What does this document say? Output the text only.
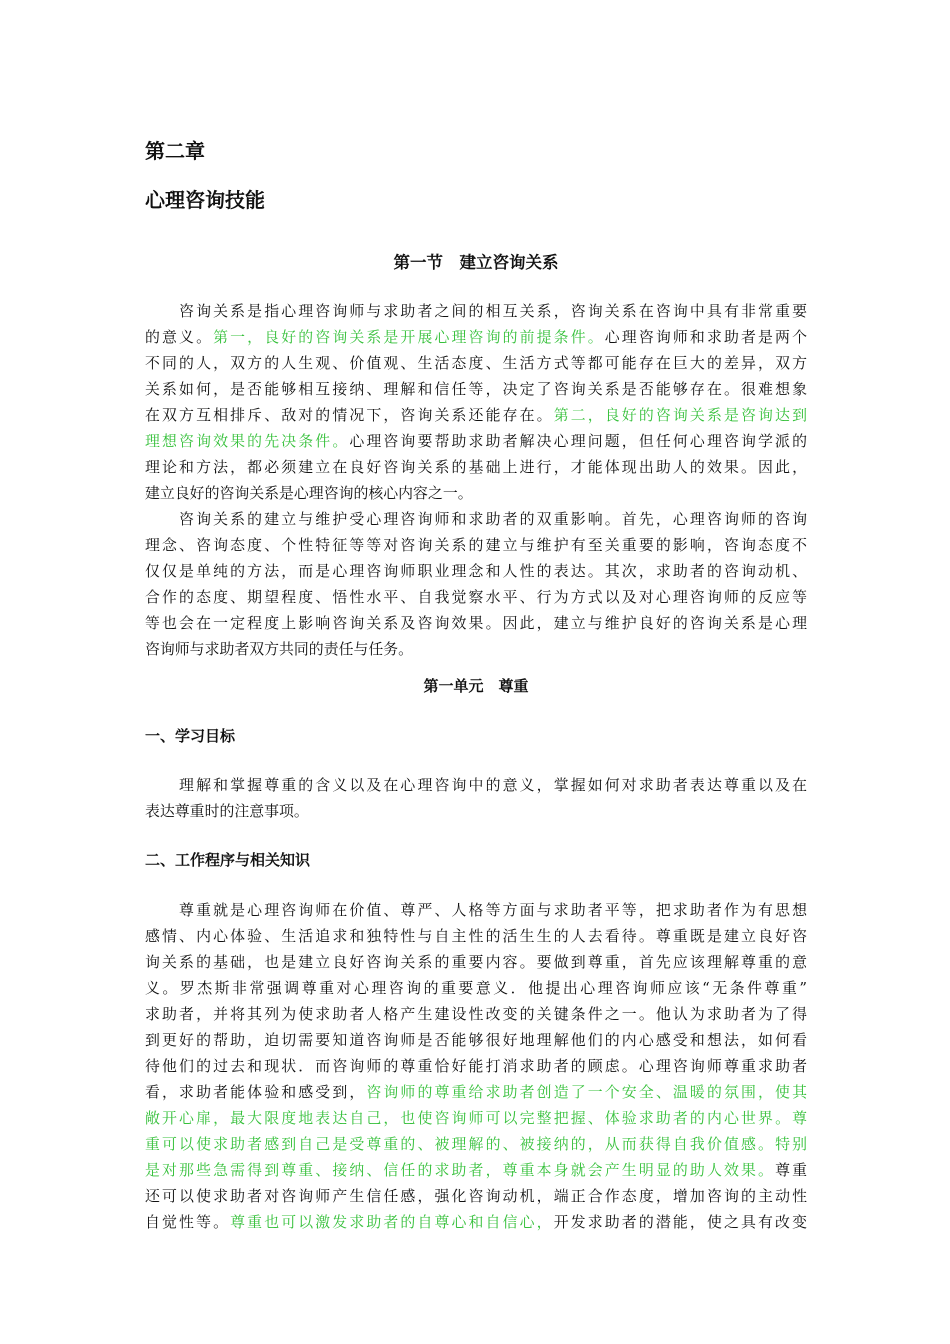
第二章
心理咨询技能
第一节　建立咨询关系
　　咨询关系是指心理咨询师与求助者之间的相互关系，咨询关系在咨询中具有非常重要
的意义。第一，良好的咨询关系是开展心理咨询的前提条件。心理咨询师和求助者是两个
不同的人，双方的人生观、价值观、生活态度、生活方式等都可能存在巨大的差异，双方
关系如何，是否能够相互接纳、理解和信任等，决定了咨询关系是否能够存在。很难想象
在双方互相排斥、敌对的情况下，咨询关系还能存在。第二，良好的咨询关系是咨询达到
理想咨询效果的先决条件。心理咨询要帮助求助者解决心理问题，但任何心理咨询学派的
理论和方法，都必须建立在良好咨询关系的基础上进行，才能体现出助人的效果。因此，
建立良好的咨询关系是心理咨询的核心内容之一。
　　咨询关系的建立与维护受心理咨询师和求助者的双重影响。首先，心理咨询师的咨询
理念、咨询态度、个性特征等等对咨询关系的建立与维护有至关重要的影响，咨询态度不
仅仅是单纯的方法，而是心理咨询师职业理念和人性的表达。其次，求助者的咨询动机、
合作的态度、期望程度、悟性水平、自我觉察水平、行为方式以及对心理咨询师的反应等
等也会在一定程度上影响咨询关系及咨询效果。因此，建立与维护良好的咨询关系是心理
咨询师与求助者双方共同的责任与任务。
第一单元　尊重
一、学习目标
　　理解和掌握尊重的含义以及在心理咨询中的意义，掌握如何对求助者表达尊重以及在
表达尊重时的注意事项。
二、工作程序与相关知识
　　尊重就是心理咨询师在价值、尊严、人格等方面与求助者平等，把求助者作为有思想
感情、内心体验、生活追求和独特性与自主性的活生生的人去看待。尊重既是建立良好咨
询关系的基础，也是建立良好咨询关系的重要内容。要做到尊重，首先应该理解尊重的意
义。罗杰斯非常强调尊重对心理咨询的重要意义．他提出心理咨询师应该“无条件尊重”
求助者，并将其列为使求助者人格产生建设性改变的关键条件之一。他认为求助者为了得
到更好的帮助，迫切需要知道咨询师是否能够很好地理解他们的内心感受和想法，如何看
待他们的过去和现状．而咨询师的尊重恰好能打消求助者的顾虑。心理咨询师尊重求助者
看，求助者能体验和感受到，咨询师的尊重给求助者创造了一个安全、温暖的氛围，使其
敞开心扉，最大限度地表达自己，也使咨询师可以完整把握、体验求助者的内心世界。尊
重可以使求助者感到自己是受尊重的、被理解的、被接纳的，从而获得自我价值感。特别
是对那些急需得到尊重、接纳、信任的求助者，尊重本身就会产生明显的助人效果。尊重
还可以使求助者对咨询师产生信任感，强化咨询动机，端正合作态度，增加咨询的主动性
自觉性等。尊重也可以激发求助者的自尊心和自信心，开发求助者的潜能，使之具有改变
